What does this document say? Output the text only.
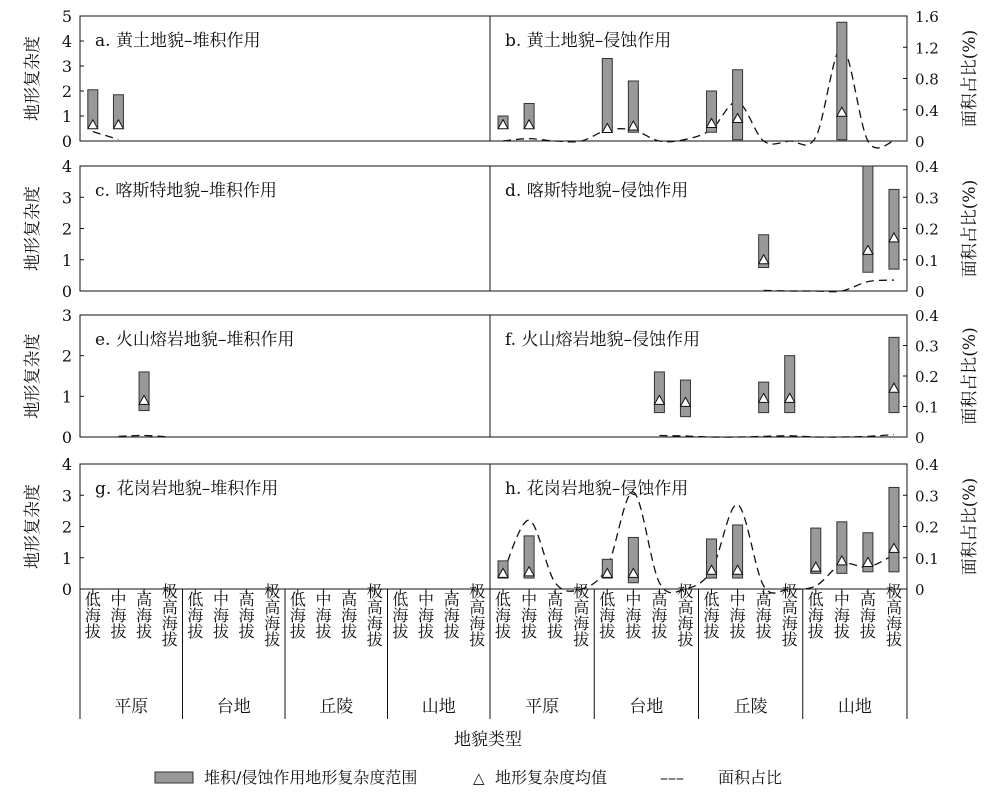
0
1
2
3
4
5
0
0.4
0.8
1.2
1.6
地形复杂度	面积占比(%)
a. 黄土地貌–堆积作用	b. 黄土地貌–侵蚀作用
0
1
2
3
4
0
0.1
0.2
0.3
0.4
地形复杂度	面积占比(%)
c. 喀斯特地貌–堆积作用	d. 喀斯特地貌–侵蚀作用
0
1
2
3
0
0.1
0.2
0.3
0.4
地形复杂度	面积占比(%)
e. 火山熔岩地貌–堆积作用	f. 火山熔岩地貌–侵蚀作用
0
1
2
3
4
0
0.1
0.2
0.3
0.4
地形复杂度	面积占比(%)
g. 花岗岩地貌–堆积作用	h. 花岗岩地貌–侵蚀作用
低海拔 中海拔 高海拔 极高海拔 低海拔 中海拔 高海拔 极高海拔 低海拔 中海拔 高海拔 极高海拔 低海拔 中海拔 高海拔 极高海拔
平原	台地	丘陵	山地
低海拔 中海拔 高海拔 极高海拔 低海拔 中海拔 高海拔 极高海拔 低海拔 中海拔 高海拔 极高海拔 低海拔 中海拔 高海拔 极高海拔
平原	台地	丘陵	山地
地貌类型
堆积/侵蚀作用地形复杂度范围	△ 地形复杂度均值	––– 面积占比
